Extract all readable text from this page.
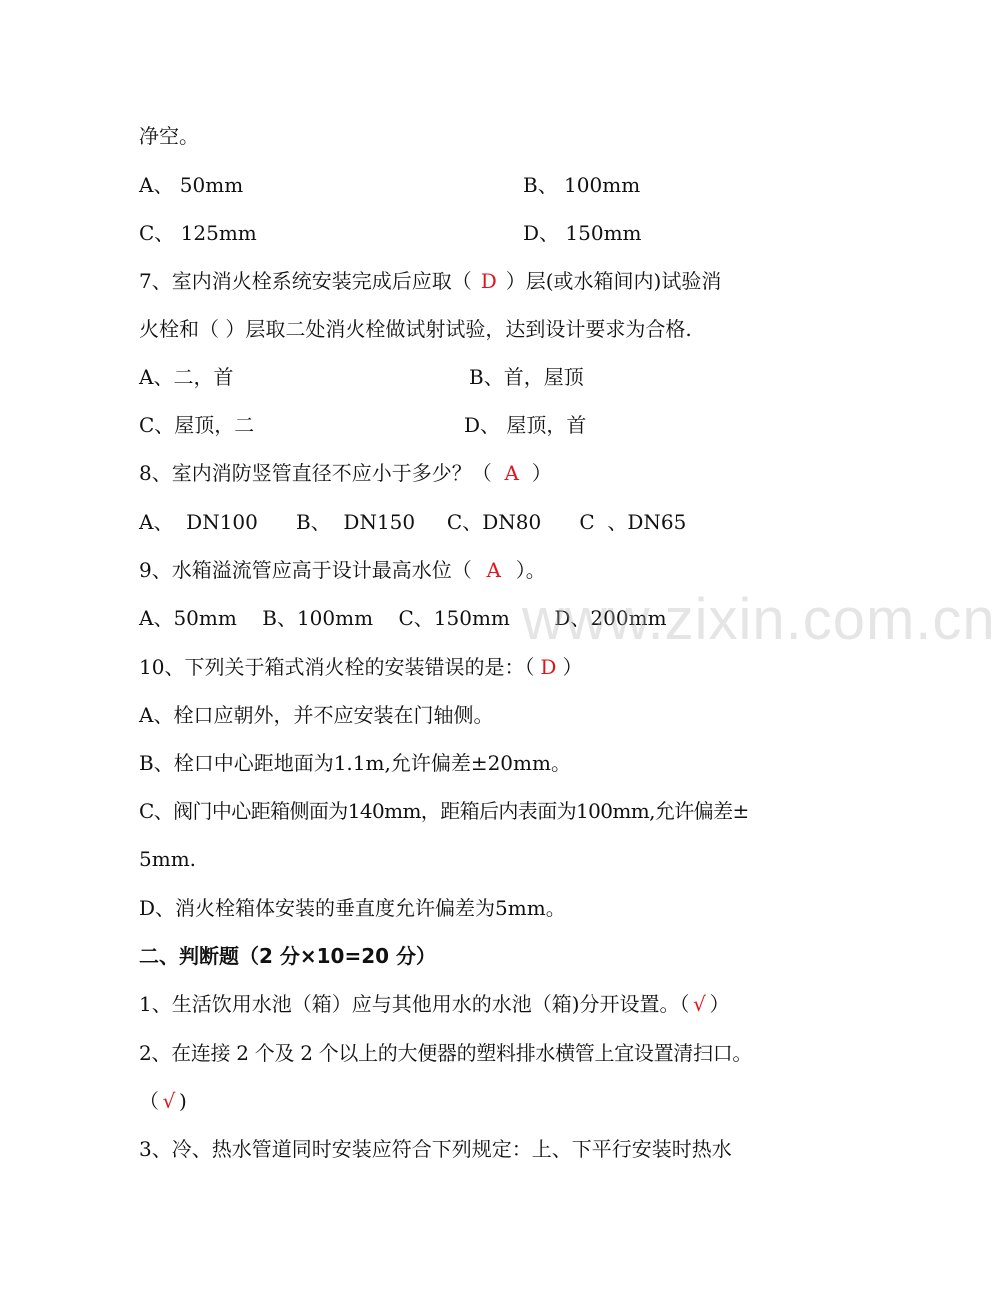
净空。
A、 50mm	B、 100mm
C、 125mm	D、 150mm
7、室内消火栓系统安装完成后应取（ D ）层(或水箱间内)试验消
火栓和（ ）层取二处消火栓做试射试验，达到设计要求为合格.
A、二，首	B、首，屋顶
C、屋顶，二	D、 屋顶，首
8、室内消防竖管直径不应小于多少？（ A ）
A、  DN100      B、  DN150     C、DN80      C  、DN65
9、水箱溢流管应高于设计最高水位（ A ）。
A、50mm    B、100mm    C、150mm       D、200mm
10、下列关于箱式消火栓的安装错误的是：（ D ）
A、栓口应朝外，并不应安装在门轴侧。
B、栓口中心距地面为1.1m,允许偏差±20mm。
C、阀门中心距箱侧面为140mm，距箱后内表面为100mm,允许偏差±
5mm.
D、消火栓箱体安装的垂直度允许偏差为5mm。
二、判断题（2 分×10=20 分）
1、生活饮用水池（箱）应与其他用水的水池（箱)分开设置。（ √ ）
2、在连接 2 个及 2 个以上的大便器的塑料排水横管上宜设置清扫口。
（ √ )
3、冷、热水管道同时安装应符合下列规定：上、下平行安装时热水
www.zixin.com.cn
